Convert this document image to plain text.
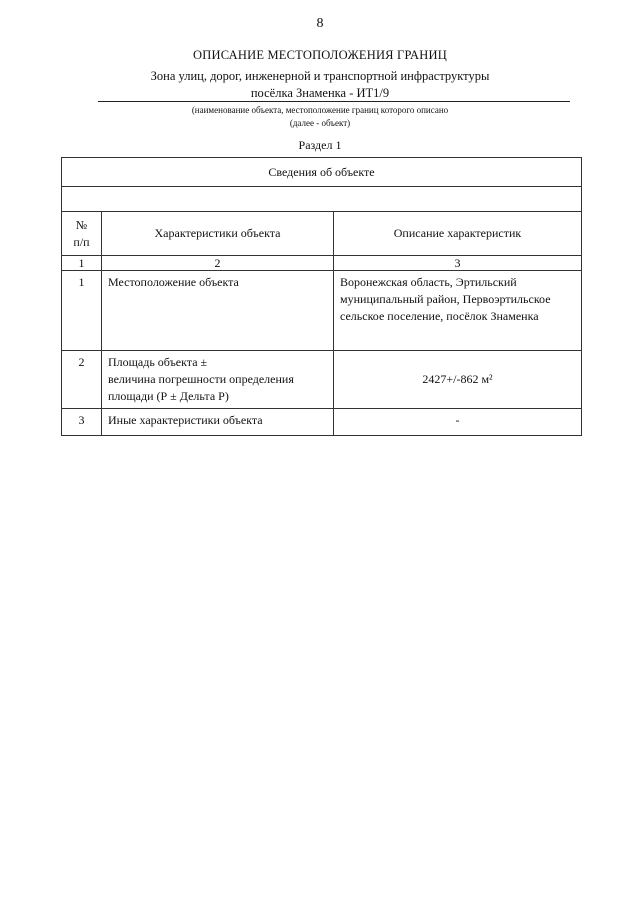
8
ОПИСАНИЕ МЕСТОПОЛОЖЕНИЯ ГРАНИЦ
Зона улиц, дорог, инженерной и транспортной инфраструктуры
посёлка Знаменка - ИТ1/9
(наименование объекта, местоположение границ которого описано
(далее - объект)
Раздел 1
Сведения об объекте		

№
п/п	Характеристики объекта	Описание характеристик
1	2	3
1	Местоположение объекта	Воронежская область, Эртильский муниципальный район, Первоэртильское сельское поселение, посёлок Знаменка
2	Площадь объекта ±
величина погрешности определения
площади (Р ± Дельта Р)	2427+/-862 м²
3	Иные характеристики объекта	-
